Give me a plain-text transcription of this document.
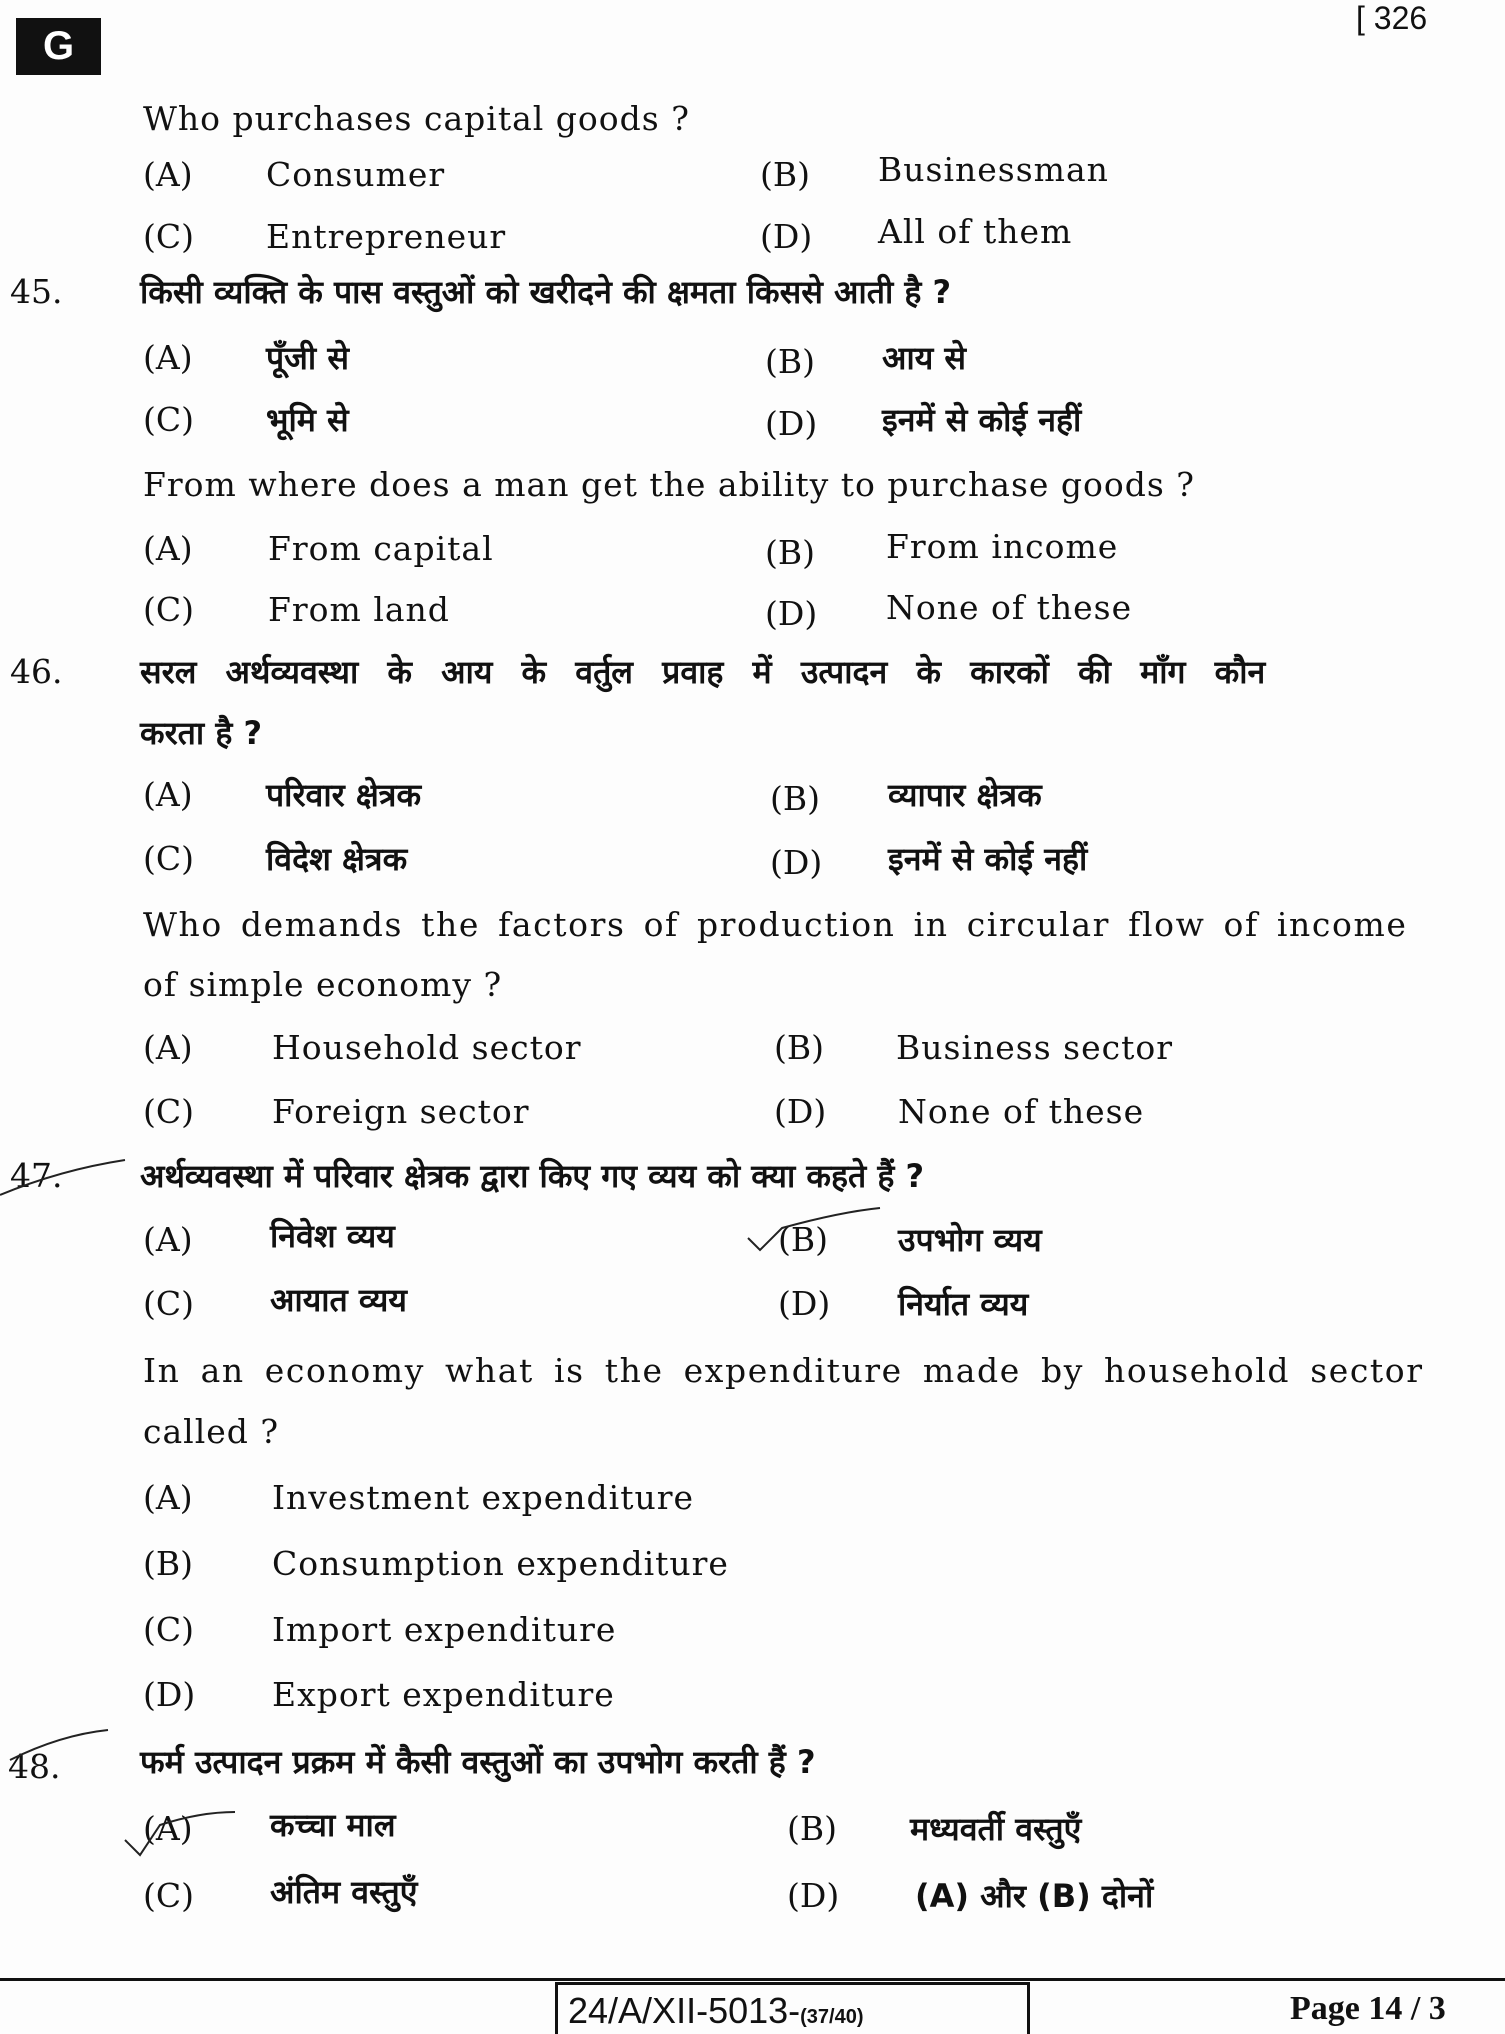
G
[ 326
Who purchases capital goods ?
(A) Consumer	(B) Businessman
(C) Entrepreneur	(D) All of them
45. किसी व्यक्ति के पास वस्तुओं को खरीदने की क्षमता किससे आती है ?
(A) पूँजी से	(B) आय से
(C) भूमि से	(D) इनमें से कोई नहीं
From where does a man get the ability to purchase goods ?
(A) From capital	(B) From income
(C) From land	(D) None of these
46. सरल अर्थव्यवस्था के आय के वर्तुल प्रवाह में उत्पादन के कारकों की माँग कौन
करता है ?
(A) परिवार क्षेत्रक	(B) व्यापार क्षेत्रक
(C) विदेश क्षेत्रक	(D) इनमें से कोई नहीं
Who demands the factors of production in circular flow of income
of simple economy ?
(A) Household sector	(B) Business sector
(C) Foreign sector	(D) None of these
47. अर्थव्यवस्था में परिवार क्षेत्रक द्वारा किए गए व्यय को क्या कहते हैं ?
(A) निवेश व्यय	(B) उपभोग व्यय
(C) आयात व्यय	(D) निर्यात व्यय
In an economy what is the expenditure made by household sector
called ?
(A) Investment expenditure
(B) Consumption expenditure
(C) Import expenditure
(D) Export expenditure
48. फर्म उत्पादन प्रक्रम में कैसी वस्तुओं का उपभोग करती हैं ?
(A) कच्चा माल	(B) मध्यवर्ती वस्तुएँ
(C) अंतिम वस्तुएँ	(D) (A) और (B) दोनों
24/A/XII-5013-(37/40)	Page 14 / 3
